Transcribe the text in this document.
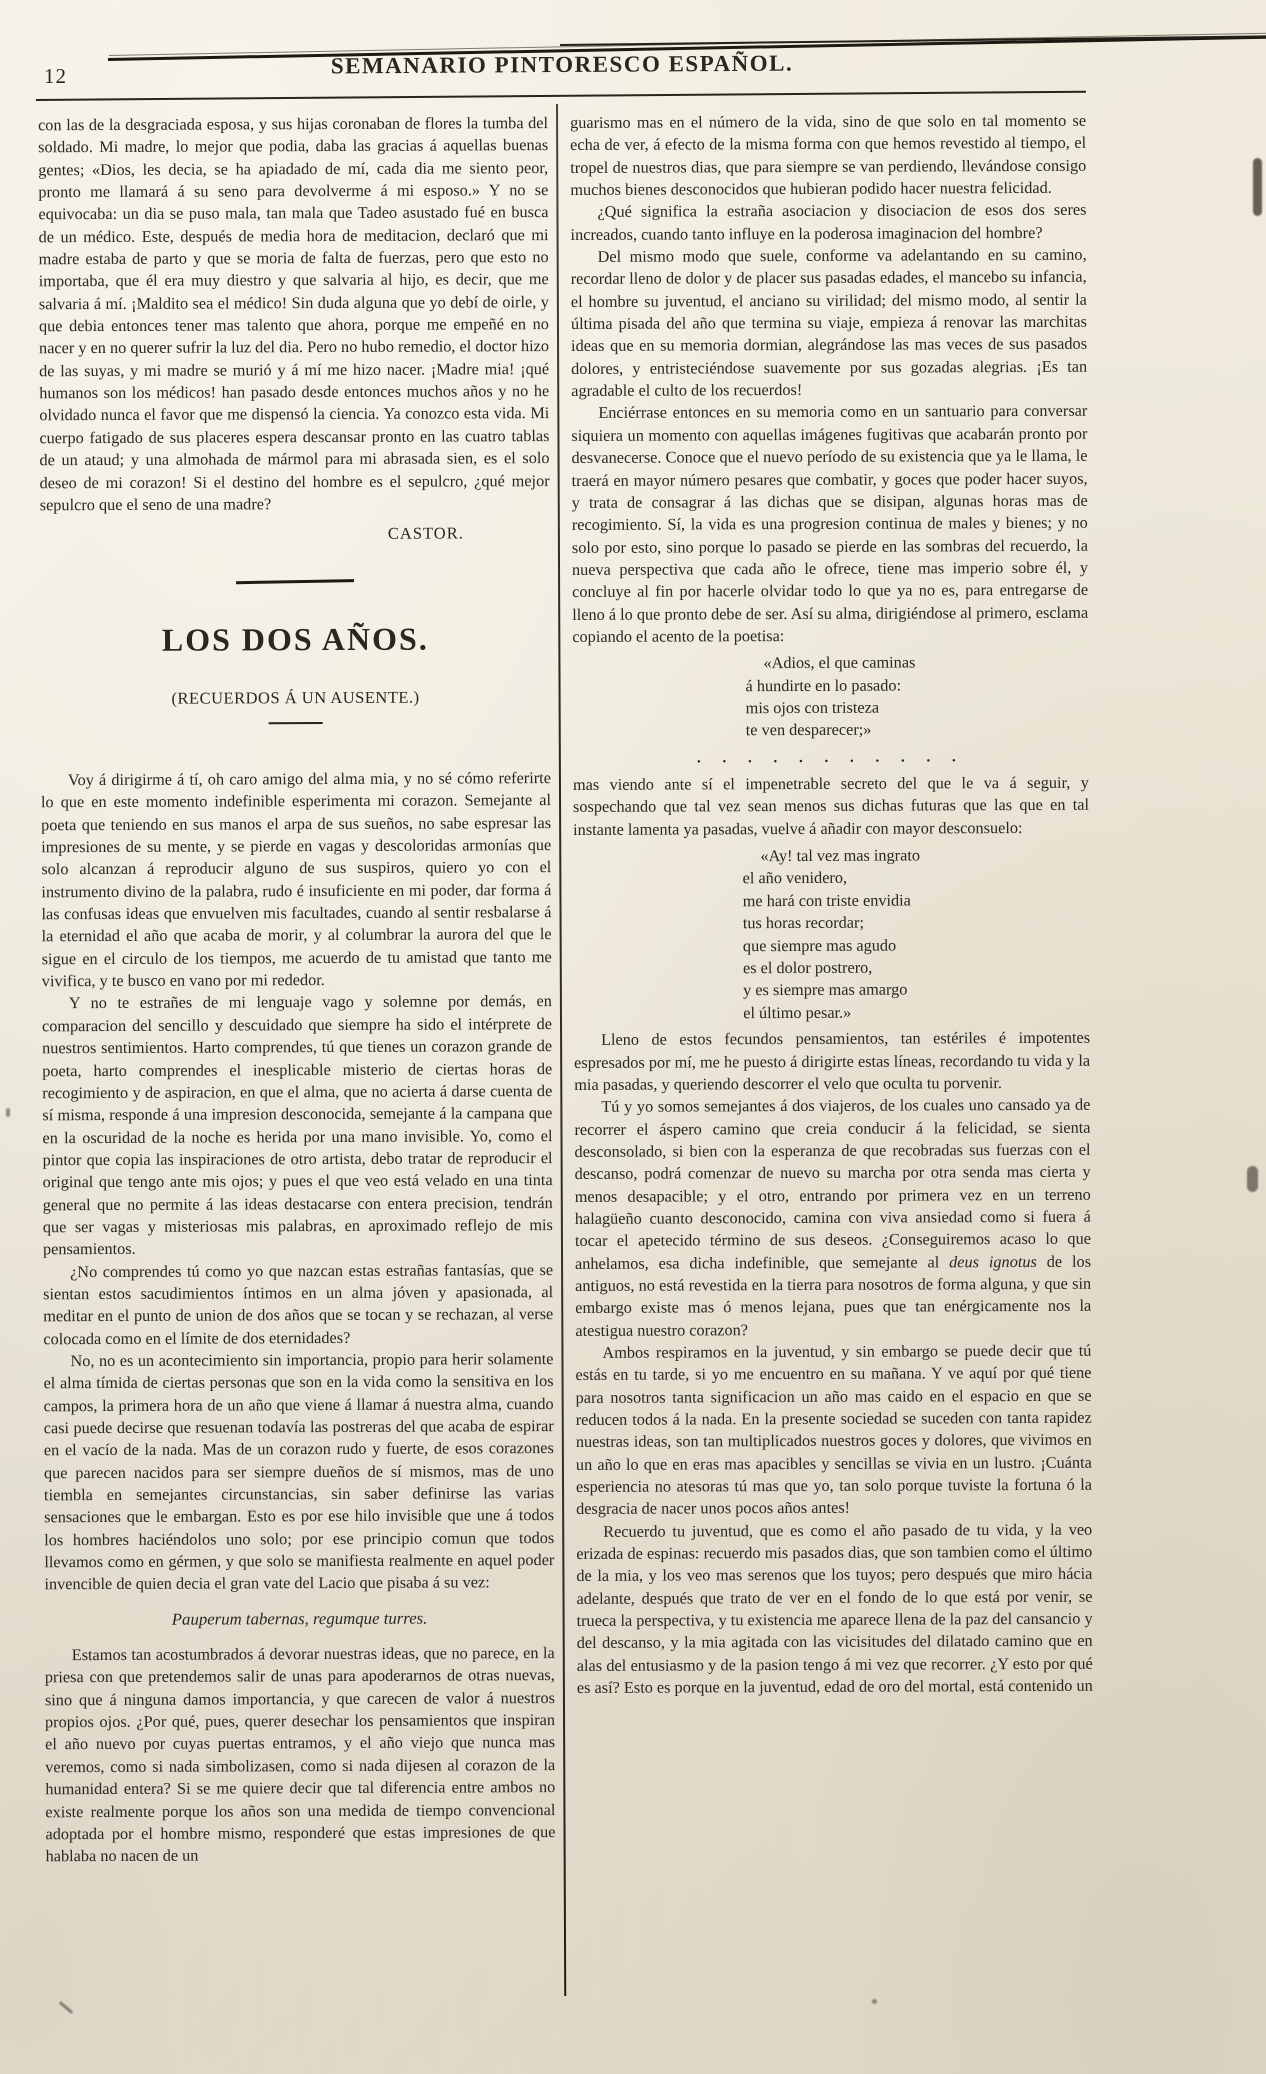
12	SEMANARIO PINTORESCO ESPAÑOL.

con las de la desgraciada esposa, y sus hijas coronaban de flores la tumba del soldado. Mi madre, lo mejor que podia, daba las gracias á aquellas buenas gentes; «Dios, les decia, se ha apiadado de mí, cada dia me siento peor, pronto me llamará á su seno para devolverme á mi esposo.» Y no se equivocaba: un dia se puso mala, tan mala que Tadeo asustado fué en busca de un médico. Este, después de media hora de meditacion, declaró que mi madre estaba de parto y que se moria de falta de fuerzas, pero que esto no importaba, que él era muy diestro y que salvaria al hijo, es decir, que me salvaria á mí. ¡Maldito sea el médico! Sin duda alguna que yo debí de oirle, y que debia entonces tener mas talento que ahora, porque me empeñé en no nacer y en no querer sufrir la luz del dia. Pero no hubo remedio, el doctor hizo de las suyas, y mi madre se murió y á mí me hizo nacer. ¡Madre mia! ¡qué humanos son los médicos! han pasado desde entonces muchos años y no he olvidado nunca el favor que me dispensó la ciencia. Ya conozco esta vida. Mi cuerpo fatigado de sus placeres espera descansar pronto en las cuatro tablas de un ataud; y una almohada de mármol para mi abrasada sien, es el solo deseo de mi corazon! Si el destino del hombre es el sepulcro, ¿qué mejor sepulcro que el seno de una madre?

CASTOR.

LOS DOS AÑOS.
(RECUERDOS Á UN AUSENTE.)

Voy á dirigirme á tí, oh caro amigo del alma mia, y no sé cómo referirte lo que en este momento indefinible esperimenta mi corazon. Semejante al poeta que teniendo en sus manos el arpa de sus sueños, no sabe espresar las impresiones de su mente, y se pierde en vagas y descoloridas armonías que solo alcanzan á reproducir alguno de sus suspiros, quiero yo con el instrumento divino de la palabra, rudo é insuficiente en mi poder, dar forma á las confusas ideas que envuelven mis facultades, cuando al sentir resbalarse á la eternidad el año que acaba de morir, y al columbrar la aurora del que le sigue en el circulo de los tiempos, me acuerdo de tu amistad que tanto me vivifica, y te busco en vano por mi rededor.

Y no te estrañes de mi lenguaje vago y solemne por demás, en comparacion del sencillo y descuidado que siempre ha sido el intérprete de nuestros sentimientos. Harto comprendes, tú que tienes un corazon grande de poeta, harto comprendes el inesplicable misterio de ciertas horas de recogimiento y de aspiracion, en que el alma, que no acierta á darse cuenta de sí misma, responde á una impresion desconocida, semejante á la campana que en la oscuridad de la noche es herida por una mano invisible. Yo, como el pintor que copia las inspiraciones de otro artista, debo tratar de reproducir el original que tengo ante mis ojos; y pues el que veo está velado en una tinta general que no permite á las ideas destacarse con entera precision, tendrán que ser vagas y misteriosas mis palabras, en aproximado reflejo de mis pensamientos.

¿No comprendes tú como yo que nazcan estas estrañas fantasías, que se sientan estos sacudimientos íntimos en un alma jóven y apasionada, al meditar en el punto de union de dos años que se tocan y se rechazan, al verse colocada como en el límite de dos eternidades?

No, no es un acontecimiento sin importancia, propio para herir solamente el alma tímida de ciertas personas que son en la vida como la sensitiva en los campos, la primera hora de un año que viene á llamar á nuestra alma, cuando casi puede decirse que resuenan todavía las postreras del que acaba de espirar en el vacío de la nada. Mas de un corazon rudo y fuerte, de esos corazones que parecen nacidos para ser siempre dueños de sí mismos, mas de uno tiembla en semejantes circunstancias, sin saber definirse las varias sensaciones que le embargan. Esto es por ese hilo invisible que une á todos los hombres haciéndolos uno solo; por ese principio comun que todos llevamos como en gérmen, y que solo se manifiesta realmente en aquel poder invencible de quien decia el gran vate del Lacio que pisaba á su vez:

Pauperum tabernas, regumque turres.

Estamos tan acostumbrados á devorar nuestras ideas, que no parece, en la priesa con que pretendemos salir de unas para apoderarnos de otras nuevas, sino que á ninguna damos importancia, y que carecen de valor á nuestros propios ojos. ¿Por qué, pues, querer desechar los pensamientos que inspiran el año nuevo por cuyas puertas entramos, y el año viejo que nunca mas veremos, como si nada simbolizasen, como si nada dijesen al corazon de la humanidad entera? Si se me quiere decir que tal diferencia entre ambos no existe realmente porque los años son una medida de tiempo convencional adoptada por el hombre mismo, responderé que estas impresiones de que hablaba no nacen de un

guarismo mas en el número de la vida, sino de que solo en tal momento se echa de ver, á efecto de la misma forma con que hemos revestido al tiempo, el tropel de nuestros dias, que para siempre se van perdiendo, llevándose consigo muchos bienes desconocidos que hubieran podido hacer nuestra felicidad.

¿Qué significa la estraña asociacion y disociacion de esos dos seres increados, cuando tanto influye en la poderosa imaginacion del hombre?

Del mismo modo que suele, conforme va adelantando en su camino, recordar lleno de dolor y de placer sus pasadas edades, el mancebo su infancia, el hombre su juventud, el anciano su virilidad; del mismo modo, al sentir la última pisada del año que termina su viaje, empieza á renovar las marchitas ideas que en su memoria dormian, alegrándose las mas veces de sus pasados dolores, y entristeciéndose suavemente por sus gozadas alegrias. ¡Es tan agradable el culto de los recuerdos!

Enciérrase entonces en su memoria como en un santuario para conversar siquiera un momento con aquellas imágenes fugitivas que acabarán pronto por desvanecerse. Conoce que el nuevo período de su existencia que ya le llama, le traerá en mayor número pesares que combatir, y goces que poder hacer suyos, y trata de consagrar á las dichas que se disipan, algunas horas mas de recogimiento. Sí, la vida es una progresion continua de males y bienes; y no solo por esto, sino porque lo pasado se pierde en las sombras del recuerdo, la nueva perspectiva que cada año le ofrece, tiene mas imperio sobre él, y concluye al fin por hacerle olvidar todo lo que ya no es, para entregarse de lleno á lo que pronto debe de ser. Así su alma, dirigiéndose al primero, esclama copiando el acento de la poetisa:

«Adios, el que caminas
á hundirte en lo pasado:
mis ojos con tristeza
te ven desparecer;»
. . . . . . . . . . .

mas viendo ante sí el impenetrable secreto del que le va á seguir, y sospechando que tal vez sean menos sus dichas futuras que las que en tal instante lamenta ya pasadas, vuelve á añadir con mayor desconsuelo:

«Ay! tal vez mas ingrato
el año venidero,
me hará con triste envidia
tus horas recordar;
que siempre mas agudo
es el dolor postrero,
y es siempre mas amargo
el último pesar.»

Lleno de estos fecundos pensamientos, tan estériles é impotentes espresados por mí, me he puesto á dirigirte estas líneas, recordando tu vida y la mia pasadas, y queriendo descorrer el velo que oculta tu porvenir.

Tú y yo somos semejantes á dos viajeros, de los cuales uno cansado ya de recorrer el áspero camino que creia conducir á la felicidad, se sienta desconsolado, si bien con la esperanza de que recobradas sus fuerzas con el descanso, podrá comenzar de nuevo su marcha por otra senda mas cierta y menos desapacible; y el otro, entrando por primera vez en un terreno halagüeño cuanto desconocido, camina con viva ansiedad como si fuera á tocar el apetecido término de sus deseos. ¿Conseguiremos acaso lo que anhelamos, esa dicha indefinible, que semejante al deus ignotus de los antiguos, no está revestida en la tierra para nosotros de forma alguna, y que sin embargo existe mas ó menos lejana, pues que tan enérgicamente nos la atestigua nuestro corazon?

Ambos respiramos en la juventud, y sin embargo se puede decir que tú estás en tu tarde, si yo me encuentro en su mañana. Y ve aquí por qué tiene para nosotros tanta significacion un año mas caido en el espacio en que se reducen todos á la nada. En la presente sociedad se suceden con tanta rapidez nuestras ideas, son tan multiplicados nuestros goces y dolores, que vivimos en un año lo que en eras mas apacibles y sencillas se vivia en un lustro. ¡Cuánta esperiencia no atesoras tú mas que yo, tan solo porque tuviste la fortuna ó la desgracia de nacer unos pocos años antes!

Recuerdo tu juventud, que es como el año pasado de tu vida, y la veo erizada de espinas: recuerdo mis pasados dias, que son tambien como el último de la mia, y los veo mas serenos que los tuyos; pero después que miro hácia adelante, después que trato de ver en el fondo de lo que está por venir, se trueca la perspectiva, y tu existencia me aparece llena de la paz del cansancio y del descanso, y la mia agitada con las vicisitudes del dilatado camino que en alas del entusiasmo y de la pasion tengo á mi vez que recorrer. ¿Y esto por qué es así? Esto es porque en la juventud, edad de oro del mortal, está contenido un
